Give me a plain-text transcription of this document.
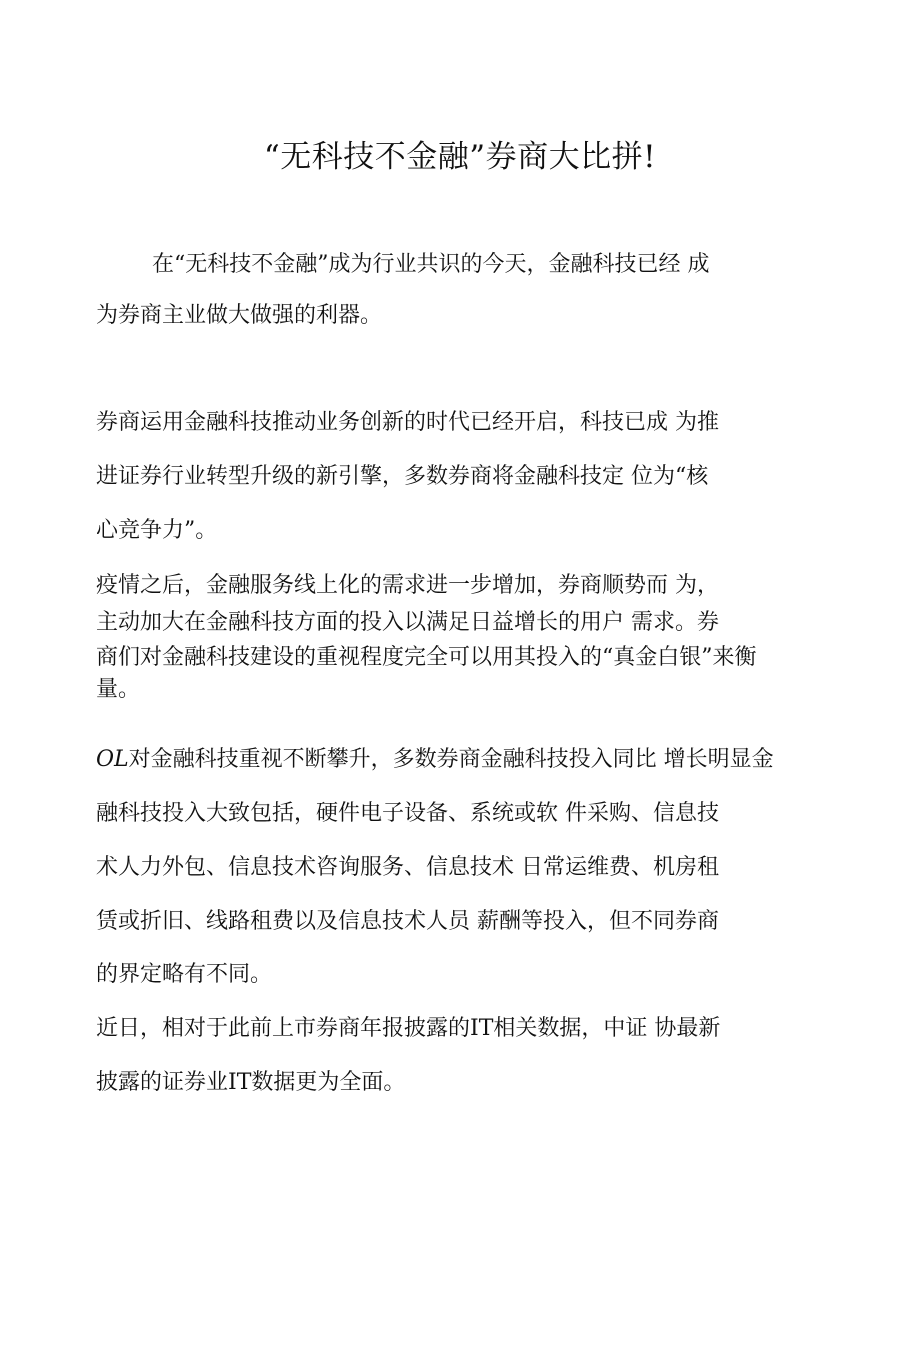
“无科技不金融”券商大比拼!
在“无科技不金融”成为行业共识的今天，金融科技已经 成
为券商主业做大做强的利器。
券商运用金融科技推动业务创新的时代已经开启，科技已成 为推
进证券行业转型升级的新引擎，多数券商将金融科技定 位为“核
心竞争力”。
疫情之后，金融服务线上化的需求进一步增加，券商顺势而 为，
主动加大在金融科技方面的投入以满足日益增长的用户 需求。券
商们对金融科技建设的重视程度完全可以用其投入的“真金白银”来衡
量。
OL对金融科技重视不断攀升，多数券商金融科技投入同比 增长明显金
融科技投入大致包括，硬件电子设备、系统或软 件采购、信息技
术人力外包、信息技术咨询服务、信息技术 日常运维费、机房租
赁或折旧、线路租费以及信息技术人员 薪酬等投入，但不同券商
的界定略有不同。
近日，相对于此前上市券商年报披露的IT相关数据，中证 协最新
披露的证券业IT数据更为全面。
